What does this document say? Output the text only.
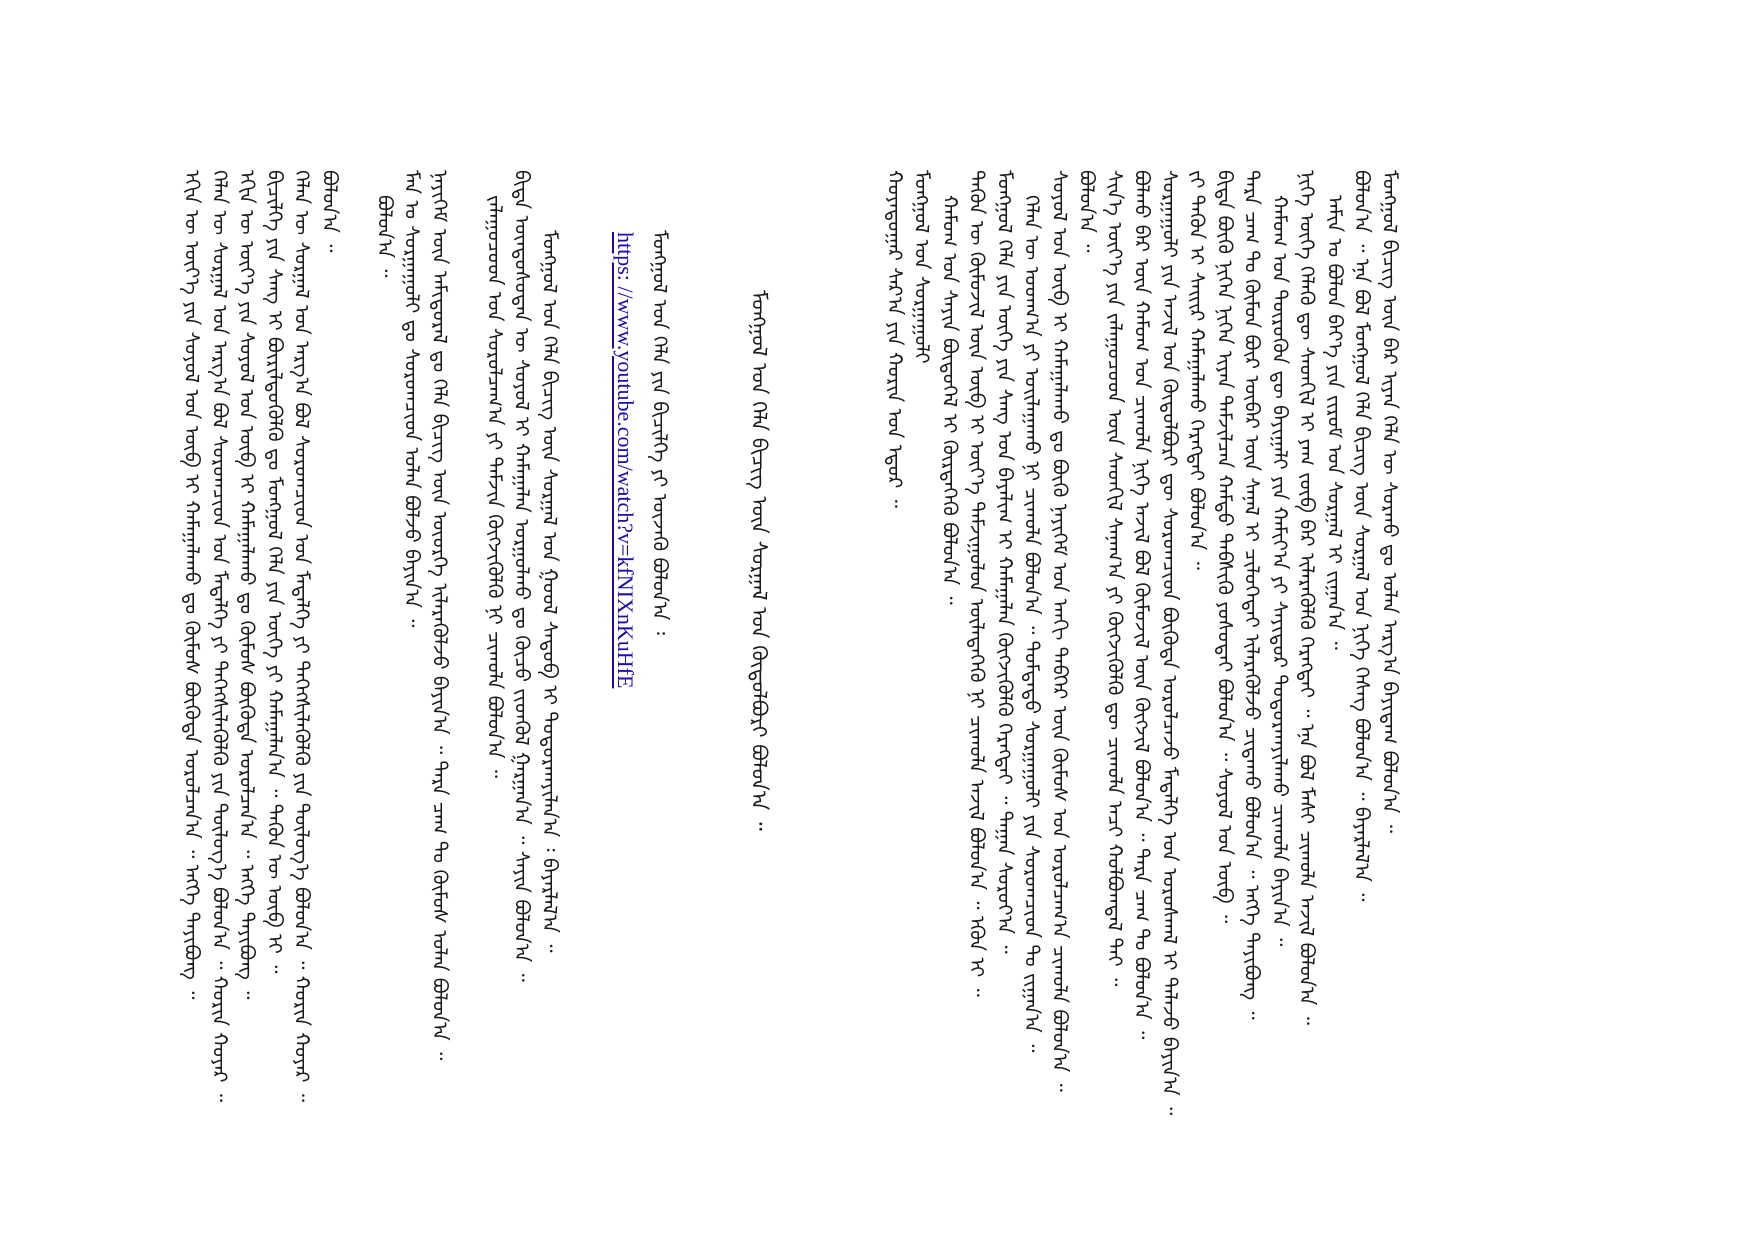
ᠮᠣᠩᠭᠣᠯ ᠪᠢᠴᠢᠭ ᠦᠨ ᠪᠠᠷ ᠢᠶᠠᠨ ᠬᠡᠯᠡ ᠦ ᠰᠤᠷᠬᠤ ᠳᠤ ᠣᠯᠠᠨ ᠠᠷᠭ᠎ᠠ ᠪᠠᠶᠢᠳᠠᠭ ᠪᠣᠯᠤᠨ᠎ᠠ ᠃
ᠪᠣᠯᠤᠨ᠎ᠠ ᠃ ᠡᠨᠡ ᠪᠣᠯ ᠮᠣᠩᠭᠣᠯ ᠬᠡᠯᠡ ᠪᠢᠴᠢᠭ ᠦᠨ ᠰᠤᠷᠭᠠᠯ ᠤᠨ ᠨᠢᠭᠡ ᠬᠡᠰᠡᠭ ᠪᠣᠯᠤᠨ᠎ᠠ ᠃ ᠪᠠᠶᠠᠷᠯᠠᠯ᠎ᠠ ᠃
ᠠᠮᠢᠨ ᠤ ᠪᠣᠯᠤᠨ ᠪᠡᠶ᠎ᠡ ᠶᠢᠨ ᠵᠢᠷᠤᠮ ᠤᠨ ᠰᠤᠷᠭᠠᠯ ᠢ ᠵᠢᠭᠠᠨ᠎ᠠ ᠃
ᠨᠢᠭᠡ ᠦᠭᠡ ᠬᠡᠯᠡᠬᠦ ᠳᠦ ᠰᠡᠳᠬᠢᠯ ᠢ ᠶᠠᠭ ᠵᠥᠪ ᠪᠠᠷ ᠢᠯᠡᠷᠡᠭᠦᠯᠬᠦ ᠬᠡᠷᠡᠭᠲᠡᠢ ᠃ ᠡᠨᠡ ᠪᠣᠯ ᠮᠠᠰᠢ ᠴᠢᠬᠤᠯᠠ ᠠᠵᠢᠯ ᠪᠣᠯᠤᠨ᠎ᠠ ᠃
ᠬᠠᠮᠤᠭ ᠤᠨ ᠲᠦᠷᠦᠭᠦᠨ ᠳᠦ ᠪᠠᠶᠢᠭᠠᠯᠢ ᠶᠢᠨ ᠬᠠᠮᠢᠶ᠎ᠠ ᠶᠢ ᠰᠠᠶᠢᠲᠤᠷ ᠲᠣᠳᠤᠷᠬᠠᠶᠢᠯᠠᠬᠤ ᠴᠢᠬᠤᠯᠠ ᠪᠠᠶᠢᠨ᠎ᠠ ᠃
ᠲᠡᠷᠡ ᠴᠠᠭ ᠲᠤ ᠬᠦᠮᠦᠨ ᠪᠦᠷ ᠥᠪᠡᠷ ᠦᠨ ᠰᠠᠨᠠᠯ ᠢ ᠴᠢᠯᠦᠭᠡᠲᠡᠢ ᠢᠯᠡᠷᠡᠭᠦᠯᠵᠦ ᠴᠢᠳᠠᠬᠤ ᠪᠣᠯᠤᠨ᠎ᠠ ᠃ ᠡᠩᠬᠡ ᠲᠠᠶᠢᠪᠤᠩ ᠃
ᠪᠢᠳᠡ ᠪᠦᠬᠦ ᠨᠢᠭᠡᠨ ᠨᠢᠭᠡᠨ ᠢᠶᠡᠨ ᠳᠡᠮᠵᠢᠯᠴᠡᠨ ᠬᠠᠮᠲᠤ ᠳᠡᠪᠰᠢᠬᠦ ᠶᠣᠰᠣᠲᠠᠢ ᠪᠣᠯᠤᠨ᠎ᠠ ᠃ ᠰᠣᠶᠣᠯ ᠤᠨ ᠥᠪ ᠃
ᠵᠢ ᠲᠡᠭᠦᠨ ᠢ ᠰᠠᠢᠢᠷ ᠬᠠᠮᠠᠭᠠᠯᠠᠬᠤ ᠬᠡᠷᠡᠭᠲᠡᠢ ᠪᠣᠯᠤᠨ᠎ᠠ ᠃
ᠰᠤᠷᠭᠠᠭᠤᠯᠢ ᠶᠢᠨ ᠠᠵᠢᠯ ᠤᠨ ᠬᠥᠲᠥᠯᠪᠦᠷᠢ ᠳᠦ ᠰᠤᠷᠤᠭᠴᠢᠳ ᠪᠦᠭᠦᠳᠡ ᠣᠷᠣᠯᠴᠠᠵᠤ ᠮᠡᠳᠡᠯᠭᠡ ᠤᠨ ᠤᠷᠤᠰᠬᠠᠯ ᠢ ᠲᠡᠯᠡᠵᠦ ᠪᠠᠶᠢᠨ᠎ᠠ ᠃
ᠪᠣᠯᠬᠤ ᠪᠡᠷ ᠦᠨ ᠬᠠᠮᠤᠭ ᠤᠨ ᠴᠢᠬᠤᠯᠠ ᠨᠢᠭᠡ ᠠᠵᠢᠯ ᠪᠣᠯ ᠬᠦᠮᠦᠵᠢᠯ ᠦᠨ ᠬᠥᠭᠵᠢᠯ ᠪᠣᠯᠤᠨ᠎ᠠ ᠃ ᠲᠡᠷᠡ ᠴᠠᠭ ᠲᠤ ᠪᠣᠯᠤᠨ᠎ᠠ ᠃
ᠰᠢᠨ᠎ᠡ ᠦᠶ᠎ᠡ ᠶᠢᠨ ᠵᠠᠯᠠᠭᠤᠴᠤᠳ ᠦᠨ ᠰᠡᠳᠬᠢᠯ ᠰᠠᠨᠠᠭ᠎ᠠ ᠶᠢ ᠬᠥᠭᠵᠢᠭᠦᠯᠬᠦ ᠳᠦ ᠴᠢᠬᠤᠯᠠ ᠠᠴᠢ ᠬᠣᠯᠪᠣᠭᠳᠠᠯ ᠲᠠᠢ ᠃
ᠪᠣᠯᠤᠨ᠎ᠠ ᠃
ᠰᠣᠶᠣᠯ ᠤᠨ ᠥᠪ ᠢ ᠬᠠᠮᠠᠭᠠᠯᠠᠬᠤ ᠳᠤ ᠪᠦᠬᠦ ᠨᠡᠶᠢᠭᠡᠮ ᠤᠨ ᠠᠨᠭᠢ ᠳᠡᠪᠬᠡᠷ ᠦᠨ ᠬᠦᠮᠦᠰ ᠤᠨ ᠣᠷᠣᠯᠴᠠᠭ᠎ᠠ ᠴᠢᠬᠤᠯᠠ ᠪᠣᠯᠤᠨ᠎ᠠ ᠃
ᠬᠡᠯᠡᠨ ᠦ ᠤᠳᠬ᠎ᠠ ᠶᠢ ᠣᠢᠯᠠᠭᠠᠬᠤ ᠨᠢ ᠴᠢᠬᠤᠯᠠ ᠪᠣᠯᠤᠨ᠎ᠠ ᠃ ᠳᠤᠮᠳᠠᠳᠤ ᠰᠤᠷᠭᠠᠭᠤᠯᠢ ᠶᠢᠨ ᠰᠤᠷᠤᠭᠴᠢᠳ ᠲᠤ ᠵᠢᠭᠠᠨ᠎ᠠ ᠃
ᠮᠣᠩᠭᠣᠯ ᠬᠡᠯᠡ ᠶᠢᠨ ᠦᠭᠡ ᠶᠢᠨ ᠰᠠᠩ ᠤᠨ ᠪᠠᠶᠠᠯᠢᠭ ᠢ ᠬᠠᠮᠠᠭᠠᠯᠠᠨ ᠬᠥᠭᠵᠢᠭᠦᠯᠬᠦ ᠬᠡᠷᠡᠭᠲᠡᠢ ᠃ ᠳᠠᠭᠠᠨ ᠰᠤᠷᠤᠶ᠎ᠠ ᠃
ᠲᠡᠭᠦᠨ ᠦ ᠬᠦᠮᠦᠵᠢᠯ ᠦᠨ ᠥᠪ ᠢ ᠦᠶ᠎ᠡ ᠳᠠᠮᠵᠢᠭᠤᠯᠤᠨ ᠦᠯᠡᠳᠡᠭᠡᠬᠦ ᠨᠢ ᠴᠢᠬᠤᠯᠠ ᠠᠵᠢᠯ ᠪᠣᠯᠤᠨ᠎ᠠ ᠃ ᠡᠭᠦᠨ ᠢ ᠃
ᠬᠠᠮᠤᠭ ᠤᠨ ᠰᠠᠶᠢᠨ ᠪᠦᠲᠦᠭᠡᠯ ᠢ ᠬᠦᠷᠲᠡᠭᠡᠬᠦ ᠪᠣᠯᠤᠨ᠎ᠠ ᠃
ᠮᠣᠩᠭᠣᠯ ᠤᠨ ᠰᠤᠷᠭᠠᠭᠤᠯᠢ
ᠬᠣᠶᠠᠳᠤᠭᠠᠷ ᠰᠠᠷ᠎ᠠ ᠶᠢᠨ ᠬᠣᠷᠢᠨ ᠤᠨ ᠡᠳᠦᠷ ᠃
ᠮᠣᠩᠭᠣᠯ ᠤᠨ ᠬᠡᠯᠡ ᠪᠢᠴᠢᠭ ᠦᠨ ᠰᠤᠷᠭᠠᠯ ᠤᠨ ᠬᠥᠲᠥᠯᠪᠦᠷᠢ ᠪᠣᠯᠤᠨ᠎ᠠ ᠃
ᠮᠣᠩᠭᠣᠯ ᠤᠨ ᠬᠡᠯᠡ ᠶᠢᠨ ᠪᠢᠴᠢᠯᠭᠡ ᠶᠢ ᠦᠵᠡᠬᠦ ᠪᠣᠯᠤᠨ᠎ᠠ ᠄
https: //www.youtube.com/watch?v=kfNIXnKuHfE
ᠮᠣᠩᠭᠣᠯ ᠤᠨ ᠬᠡᠯᠡ ᠪᠢᠴᠢᠭ ᠦᠨ ᠰᠤᠷᠭᠠᠯ ᠤᠨ ᠭᠣᠣᠯ ᠰᠡᠳᠦᠪ ᠢ ᠲᠣᠳᠤᠷᠬᠠᠶᠢᠯᠠᠨ᠎ᠠ ᠄ ᠪᠠᠶᠠᠷᠯᠠᠯ᠎ᠠ ᠃
ᠪᠢᠳᠡ ᠦᠨᠳᠦᠰᠦᠲᠡᠨ ᠦ ᠰᠣᠶᠣᠯ ᠢ ᠬᠠᠮᠠᠭᠠᠯᠠᠨ ᠤᠷᠭᠤᠯᠬᠤ ᠳᠤ ᠬᠦᠴᠦ ᠵᠢᠳᠬᠦᠯ ᠭᠠᠷᠭᠠᠨ᠎ᠠ ᠃ ᠰᠠᠶᠢᠨ ᠪᠣᠯᠤᠨ᠎ᠠ ᠃
ᠵᠠᠯᠠᠭᠤᠴᠤᠳ ᠤᠨ ᠰᠤᠷᠤᠯᠴᠠᠭ᠎ᠠ ᠶᠢ ᠳᠡᠮᠵᠢᠨ ᠬᠥᠭᠵᠢᠭᠦᠯᠬᠦ ᠨᠢ ᠴᠢᠬᠤᠯᠠ ᠪᠣᠯᠤᠨ᠎ᠠ ᠃
ᠨᠡᠶᠢᠭᠡᠮ ᠦᠨ ᠠᠮᠢᠳᠤᠷᠠᠯ ᠳᠤ ᠬᠡᠯᠡ ᠪᠢᠴᠢᠭ ᠦᠨ ᠦᠦᠷᠭᠡ ᠢᠯᠡᠷᠡᠭᠦᠯᠵᠦ ᠪᠠᠶᠢᠨ᠎ᠠ ᠃ ᠲᠡᠷᠡ ᠴᠠᠭ ᠲᠤ ᠬᠦᠮᠦᠰ ᠣᠯᠠᠨ ᠪᠣᠯᠤᠨ᠎ᠠ ᠃
ᠮᠠᠨ ᠤ ᠰᠤᠷᠭᠠᠭᠤᠯᠢ ᠳᠤ ᠰᠤᠷᠤᠭᠴᠢᠳ ᠣᠯᠠᠨ ᠪᠣᠯᠵᠤ ᠪᠠᠶᠢᠨ᠎ᠠ ᠃
ᠪᠣᠯᠤᠨ᠎ᠠ ᠃
ᠪᠣᠯᠤᠨ᠎ᠠ ᠃
ᠬᠡᠯᠡᠨ ᠦ ᠰᠤᠷᠭᠠᠯ ᠤᠨ ᠠᠷᠭ᠎ᠠ ᠪᠣᠯ ᠰᠤᠷᠤᠭᠴᠢᠳ ᠤᠨ ᠮᠡᠳᠡᠯᠭᠡ ᠶᠢ ᠳᠡᠭᠡᠭᠰᠢᠯᠡᠭᠦᠯᠬᠦ ᠶᠢᠨ ᠲᠥᠯᠥᠭ᠎ᠡ ᠪᠣᠯᠤᠨ᠎ᠠ ᠃ ᠬᠣᠷᠢᠨ ᠬᠣᠶᠠᠷ ᠃
ᠪᠢᠴᠢᠯᠭᠡ ᠶᠢᠨ ᠰᠠᠩ ᠢ ᠪᠦᠷᠢᠯᠳᠦᠭᠦᠯᠬᠦ ᠳᠤ ᠮᠣᠩᠭᠣᠯ ᠬᠡᠯᠡ ᠶᠢᠨ ᠦᠭᠡ ᠶᠢ ᠬᠠᠮᠠᠭᠠᠯᠠᠨ᠎ᠠ ᠃ ᠲᠡᠭᠦᠨ ᠦ ᠥᠪ ᠢ ᠃
ᠡᠬᠢᠨ ᠦ ᠦᠶ᠎ᠡ ᠶᠢᠨ ᠰᠣᠶᠣᠯ ᠤᠨ ᠥᠪ ᠢ ᠬᠠᠮᠠᠭᠠᠯᠠᠬᠤ ᠳᠤ ᠬᠦᠮᠦᠰ ᠪᠦᠭᠦᠳᠡ ᠣᠷᠣᠯᠴᠠᠨ᠎ᠠ ᠃ ᠡᠩᠬᠡ ᠲᠠᠶᠢᠪᠤᠩ ᠃
ᠬᠡᠯᠡᠨ ᠦ ᠰᠤᠷᠭᠠᠯ ᠤᠨ ᠠᠷᠭ᠎ᠠ ᠪᠣᠯ ᠰᠤᠷᠤᠭᠴᠢᠳ ᠤᠨ ᠮᠡᠳᠡᠯᠭᠡ ᠶᠢ ᠳᠡᠭᠡᠭᠰᠢᠯᠡᠭᠦᠯᠬᠦ ᠶᠢᠨ ᠲᠥᠯᠥᠭ᠎ᠡ ᠪᠣᠯᠤᠨ᠎ᠠ ᠃ ᠬᠣᠷᠢᠨ ᠬᠣᠶᠠᠷ ᠃
ᠡᠬᠢᠨ ᠦ ᠦᠶ᠎ᠡ ᠶᠢᠨ ᠰᠣᠶᠣᠯ ᠤᠨ ᠥᠪ ᠢ ᠬᠠᠮᠠᠭᠠᠯᠠᠬᠤ ᠳᠤ ᠬᠦᠮᠦᠰ ᠪᠦᠭᠦᠳᠡ ᠣᠷᠣᠯᠴᠠᠨ᠎ᠠ ᠃ ᠡᠩᠬᠡ ᠲᠠᠶᠢᠪᠤᠩ ᠃
